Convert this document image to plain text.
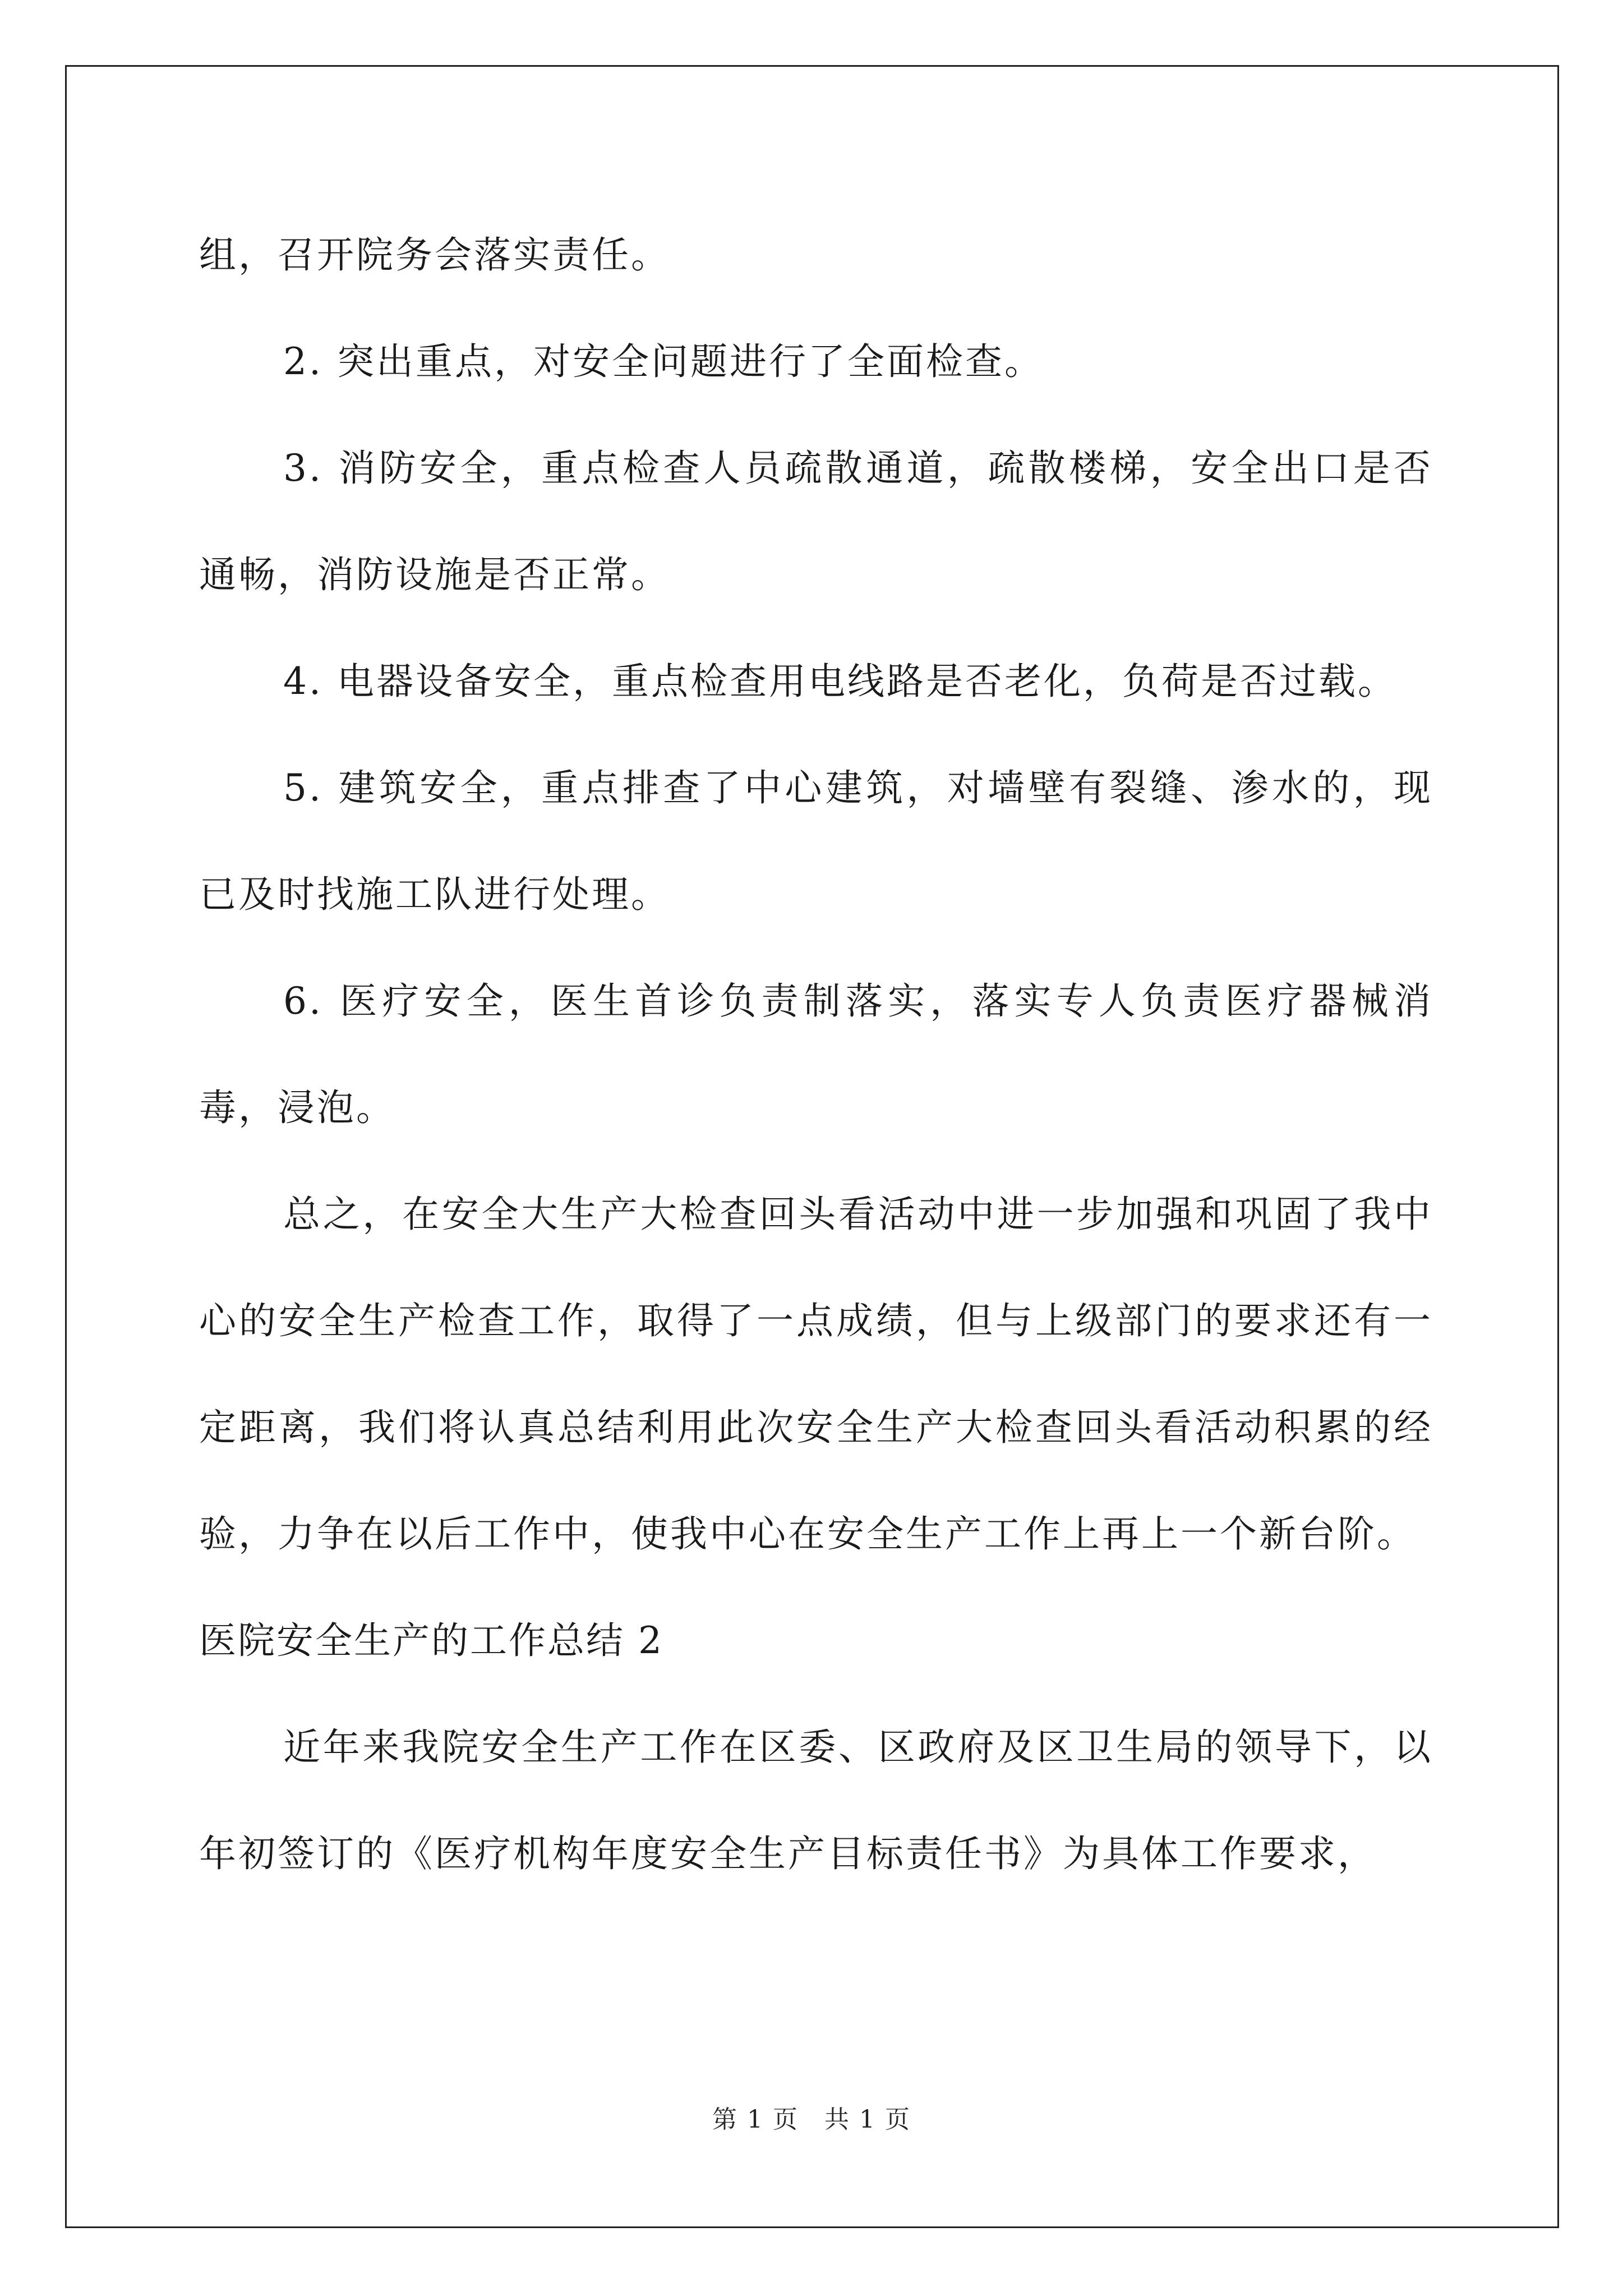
组，召开院务会落实责任。

2. 突出重点，对安全问题进行了全面检查。

3. 消防安全，重点检查人员疏散通道，疏散楼梯，安全出口是否通畅，消防设施是否正常。

4. 电器设备安全，重点检查用电线路是否老化，负荷是否过载。

5. 建筑安全，重点排查了中心建筑，对墙壁有裂缝、渗水的，现已及时找施工队进行处理。

6. 医疗安全，医生首诊负责制落实，落实专人负责医疗器械消毒，浸泡。

总之，在安全大生产大检查回头看活动中进一步加强和巩固了我中心的安全生产检查工作，取得了一点成绩，但与上级部门的要求还有一定距离，我们将认真总结利用此次安全生产大检查回头看活动积累的经验，力争在以后工作中，使我中心在安全生产工作上再上一个新台阶。

医院安全生产的工作总结 2

近年来我院安全生产工作在区委、区政府及区卫生局的领导下，以年初签订的《医疗机构年度安全生产目标责任书》为具体工作要求，

第 1 页　共 1 页
